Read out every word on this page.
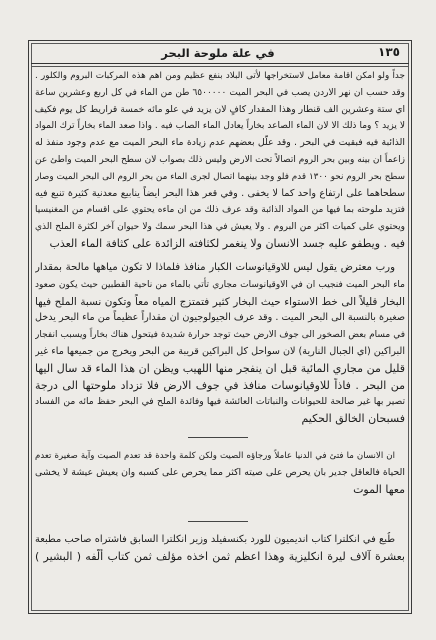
في علة ملوحة البحر	١٣٥
جداً ولو امكن اقامة معامل لاستخراجها لأتى البلاد بنفع عظيم ومن اهم هذه المركبات البروم والكلور .
وقد حسب ان نهر الاردن يصب في البحر الميت ٦٥٠٠٠٠٠ طن من الماء في كل اربع وعشرين ساعة
اي ستة وعشرين الف قنطار وهذا المقدار كافٍ لان يزيد في علو مائه خمسة قراريط كل يوم فكيف
لا يزيد ؟ وما ذلك الا لان الماء الصاعد بخاراً يعادل الماء الصاب فيه . واذا صعد الماء بخاراً ترك المواد
الذائبة فيه فبقيت في البحر . وقد علّل بعضهم عدم زيادة ماء البحر الميت مع عدم وجود منفذ له
زاعماً ان بينه وبين بحر الروم اتصالاً تحت الارض وليس ذلك بصواب لان سطح البحر الميت واطئ عن
سطح بحر الروم نحو ١٣٠٠ قدم فلو وجد بينهما اتصال لجرى الماء من بحر الروم الى البحر الميت وصار
سطحاهما على ارتفاع واحد كما لا يخفى . وفي قعر هذا البحر ايضاً ينابيع معدنية كثيرة تنبع فيه
فتزيد ملوحته بما فيها من المواد الذائبة وقد عرف ذلك من ان ماءه يحتوي على اقسام من المغنيسيا
ويحتوي على كميات اكثر من البروم . ولا يعيش في هذا البحر سمك ولا حيوان آخر لكثرة الملح الذي
فيه . ويطفو عليه جسد الانسان ولا ينغمر لكثافته الزائدة على كثافة الماء العذب
ورب معترض يقول ليس للاوقيانوسات الكبار منافذ فلماذا لا تكون مياهها مالحة بمقدار
ماء البحر الميت فنجيب ان في الاوقيانوسات مجاري تأتي بالماء من ناحية القطبين حيث يكون صعود
البخار قليلاً الى خط الاستواء حيث البخار كثير فتمتزج المياه معاً وتكون نسبة الملح فيها
صغيرة بالنسبة الى البحر الميت . وقد عرف الجيولوجيون ان مقداراً عظيماً من ماء البحر يدخل
في مسام بعض الصخور الى جوف الارض حيث توجد حرارة شديدة فيتحول هناك بخاراً ويسبب انفجار
البراكين (اي الجبال النارية) لان سواحل كل البراكين قريبة من البحر ويخرج من جميعها ماء غير
قليل من مجاري المائية قبل ان ينفجر منها اللهيب ويظن ان هذا الماء قد سال اليها
من البحر . فاذاً للاوقيانوسات منافذ في جوف الارض فلا تزداد ملوحتها الى درجة
تصير بها غير صالحة للحيوانات والنباتات العائشة فيها وفائدة الملح في البحر حفظ مائه من الفساد
فسبحان الخالق الحكيم
ان الانسان ما فتئ في الدنيا عاملاً ورجاؤه الصيت ولكن كلمة واحدة قد تعدم الصيت وآية صغيرة تعدم
الحياة فالعاقل جدير بان يحرص على صيته اكثر مما يحرص على كسبه وان يعيش عيشة لا يخشى
معها الموت
طُبع في انكلترا كتاب انديميون للورد بكنسفيلد وزير انكلترا السابق فاشتراه صاحب مطبعة
بعشرة آلاف ليرة انكليزية وهذا اعظم ثمن اخذه مؤلف ثمن كتاب ألّفه ( البشير )
